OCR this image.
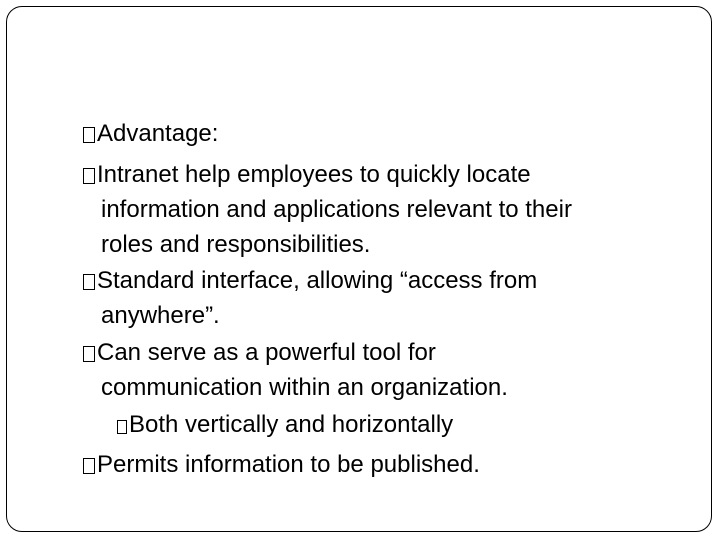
Advantage:
Intranet help employees to quickly locate
information and applications relevant to their
roles and responsibilities.
Standard interface, allowing “access from
anywhere”.
Can serve as a powerful tool for
communication within an organization.
Both vertically and horizontally
Permits information to be published.
